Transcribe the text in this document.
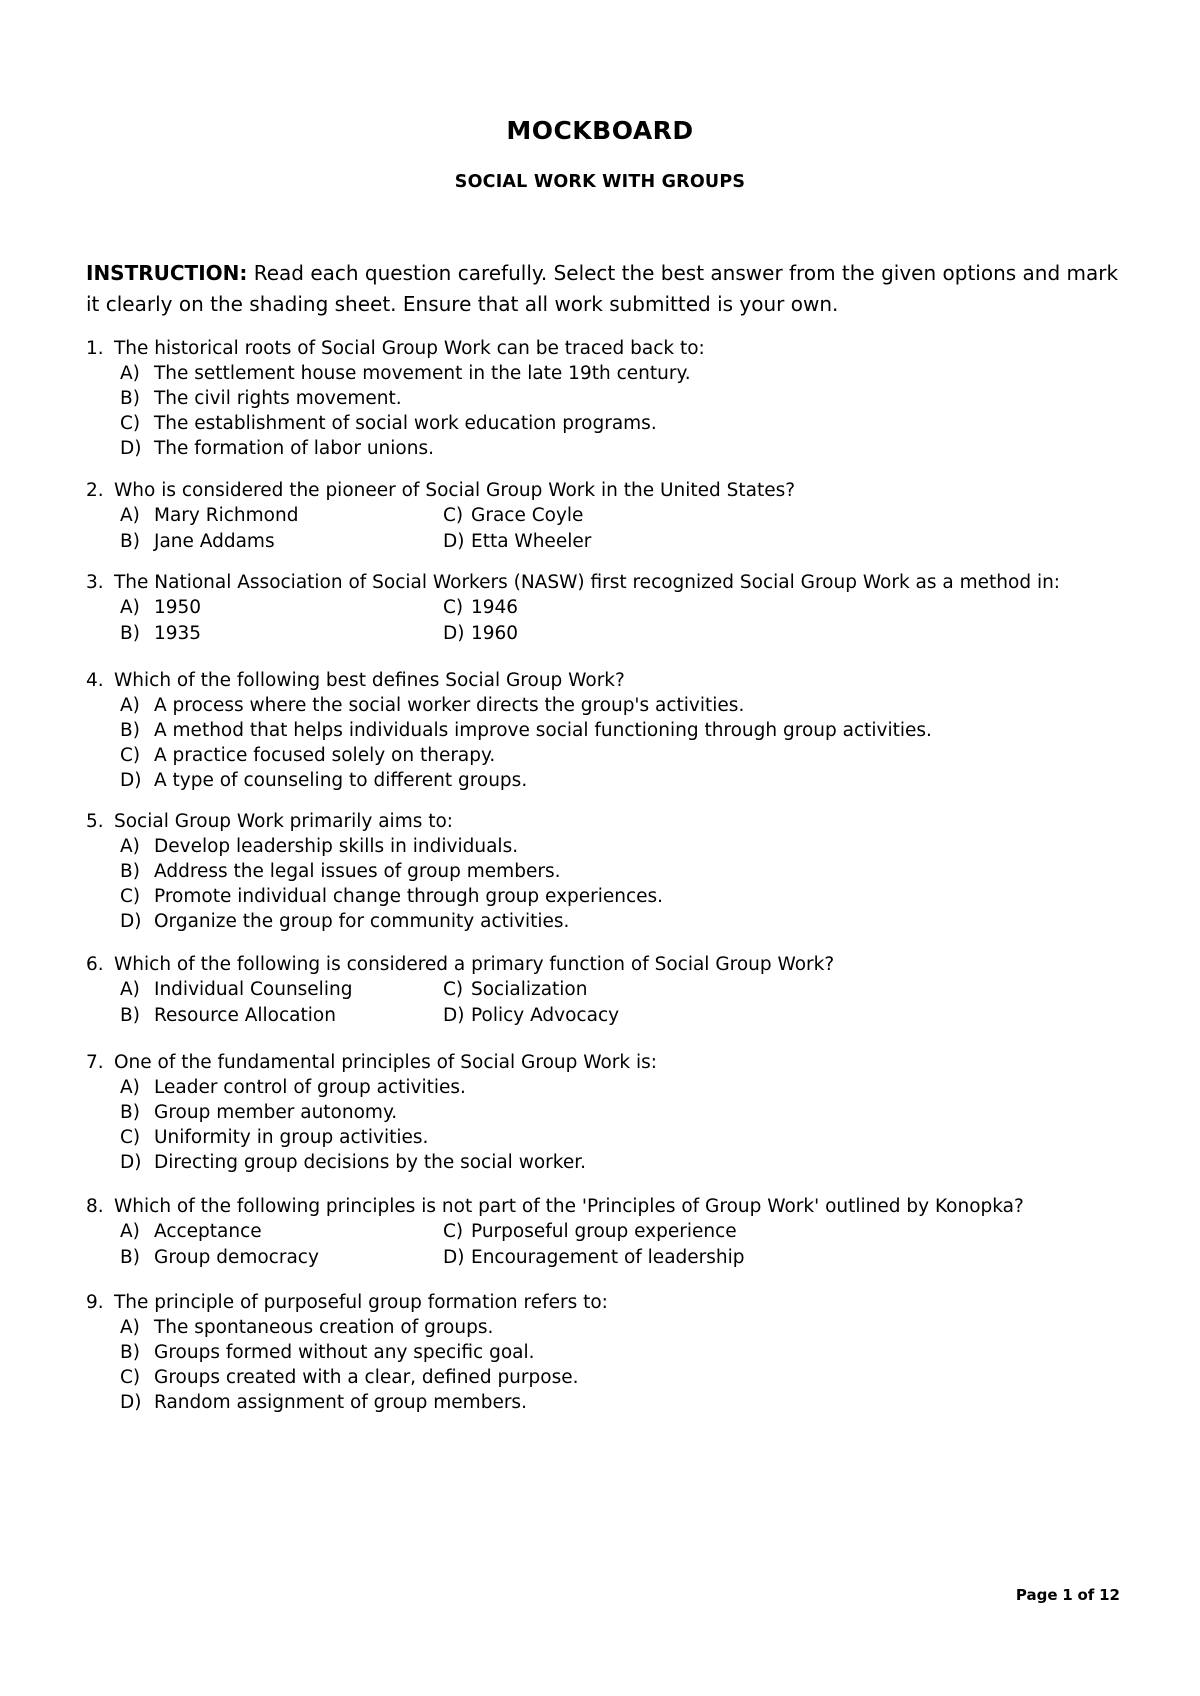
MOCKBOARD
SOCIAL WORK WITH GROUPS
INSTRUCTION: Read each question carefully. Select the best answer from the given options and mark it clearly on the shading sheet. Ensure that all work submitted is your own.
1. The historical roots of Social Group Work can be traced back to:
A) The settlement house movement in the late 19th century.
B) The civil rights movement.
C) The establishment of social work education programs.
D) The formation of labor unions.
2. Who is considered the pioneer of Social Group Work in the United States?
A) Mary Richmond	C) Grace Coyle
B) Jane Addams	D) Etta Wheeler
3. The National Association of Social Workers (NASW) first recognized Social Group Work as a method in:
A) 1950	C) 1946
B) 1935	D) 1960
4. Which of the following best defines Social Group Work?
A) A process where the social worker directs the group's activities.
B) A method that helps individuals improve social functioning through group activities.
C) A practice focused solely on therapy.
D) A type of counseling to different groups.
5. Social Group Work primarily aims to:
A) Develop leadership skills in individuals.
B) Address the legal issues of group members.
C) Promote individual change through group experiences.
D) Organize the group for community activities.
6. Which of the following is considered a primary function of Social Group Work?
A) Individual Counseling	C) Socialization
B) Resource Allocation	D) Policy Advocacy
7. One of the fundamental principles of Social Group Work is:
A) Leader control of group activities.
B) Group member autonomy.
C) Uniformity in group activities.
D) Directing group decisions by the social worker.
8. Which of the following principles is not part of the 'Principles of Group Work' outlined by Konopka?
A) Acceptance	C) Purposeful group experience
B) Group democracy	D) Encouragement of leadership
9. The principle of purposeful group formation refers to:
A) The spontaneous creation of groups.
B) Groups formed without any specific goal.
C) Groups created with a clear, defined purpose.
D) Random assignment of group members.
Page 1 of 12
